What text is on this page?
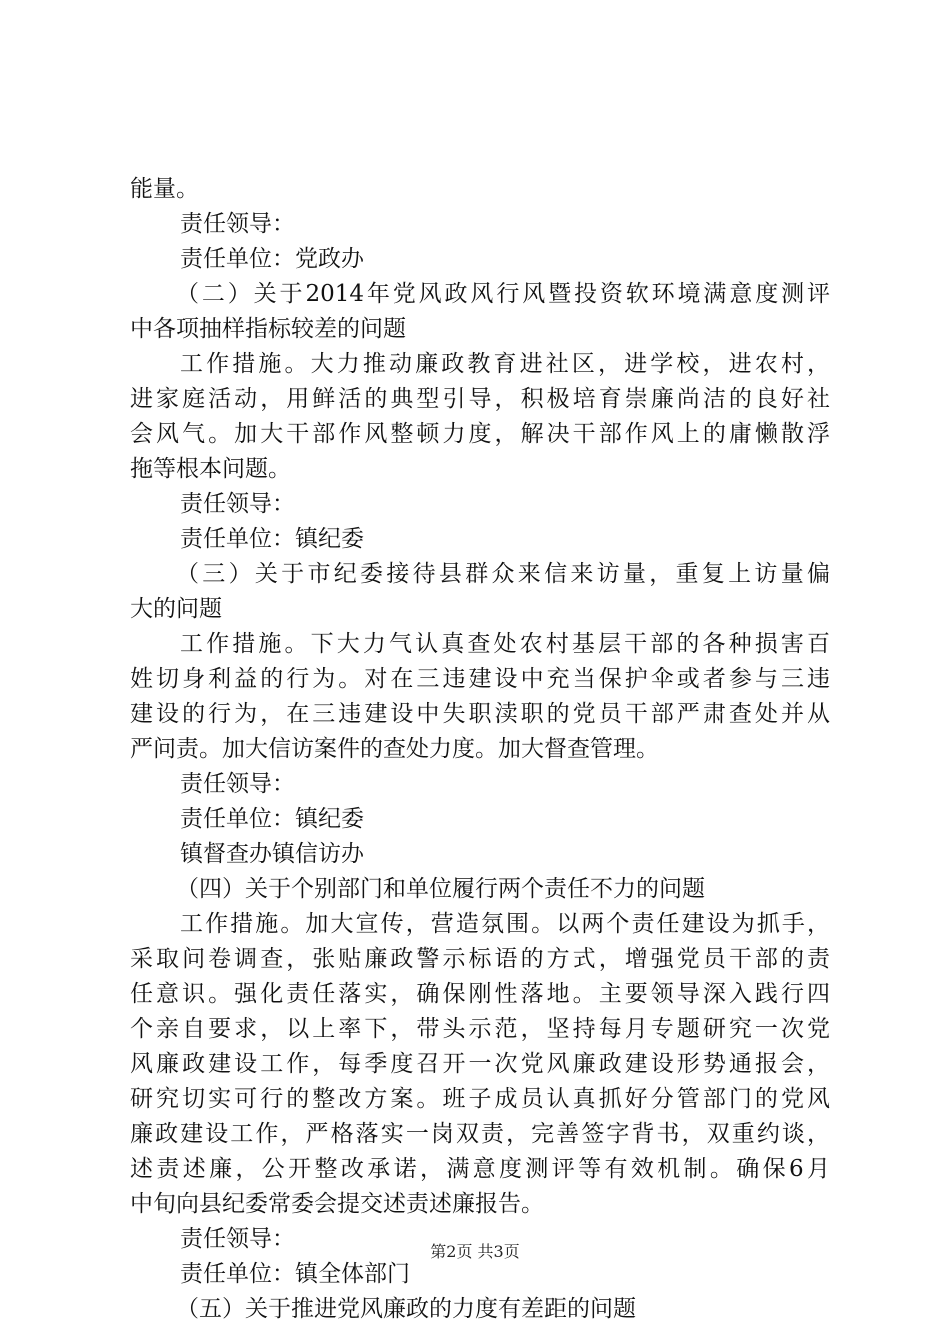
能量。
责任领导：
责任单位：党政办
（二）关于2014年党风政风行风暨投资软环境满意度测评
中各项抽样指标较差的问题
工作措施。大力推动廉政教育进社区，进学校，进农村，
进家庭活动，用鲜活的典型引导，积极培育崇廉尚洁的良好社
会风气。加大干部作风整顿力度，解决干部作风上的庸懒散浮
拖等根本问题。
责任领导：
责任单位：镇纪委
（三）关于市纪委接待县群众来信来访量，重复上访量偏
大的问题
工作措施。下大力气认真查处农村基层干部的各种损害百
姓切身利益的行为。对在三违建设中充当保护伞或者参与三违
建设的行为，在三违建设中失职渎职的党员干部严肃查处并从
严问责。加大信访案件的查处力度。加大督查管理。
责任领导：
责任单位：镇纪委
镇督查办镇信访办
（四）关于个别部门和单位履行两个责任不力的问题
工作措施。加大宣传，营造氛围。以两个责任建设为抓手，
采取问卷调查，张贴廉政警示标语的方式，增强党员干部的责
任意识。强化责任落实，确保刚性落地。主要领导深入践行四
个亲自要求，以上率下，带头示范，坚持每月专题研究一次党
风廉政建设工作，每季度召开一次党风廉政建设形势通报会，
研究切实可行的整改方案。班子成员认真抓好分管部门的党风
廉政建设工作，严格落实一岗双责，完善签字背书，双重约谈，
述责述廉，公开整改承诺，满意度测评等有效机制。确保6月
中旬向县纪委常委会提交述责述廉报告。
责任领导：
责任单位：镇全体部门
（五）关于推进党风廉政的力度有差距的问题
第2页 共3页
